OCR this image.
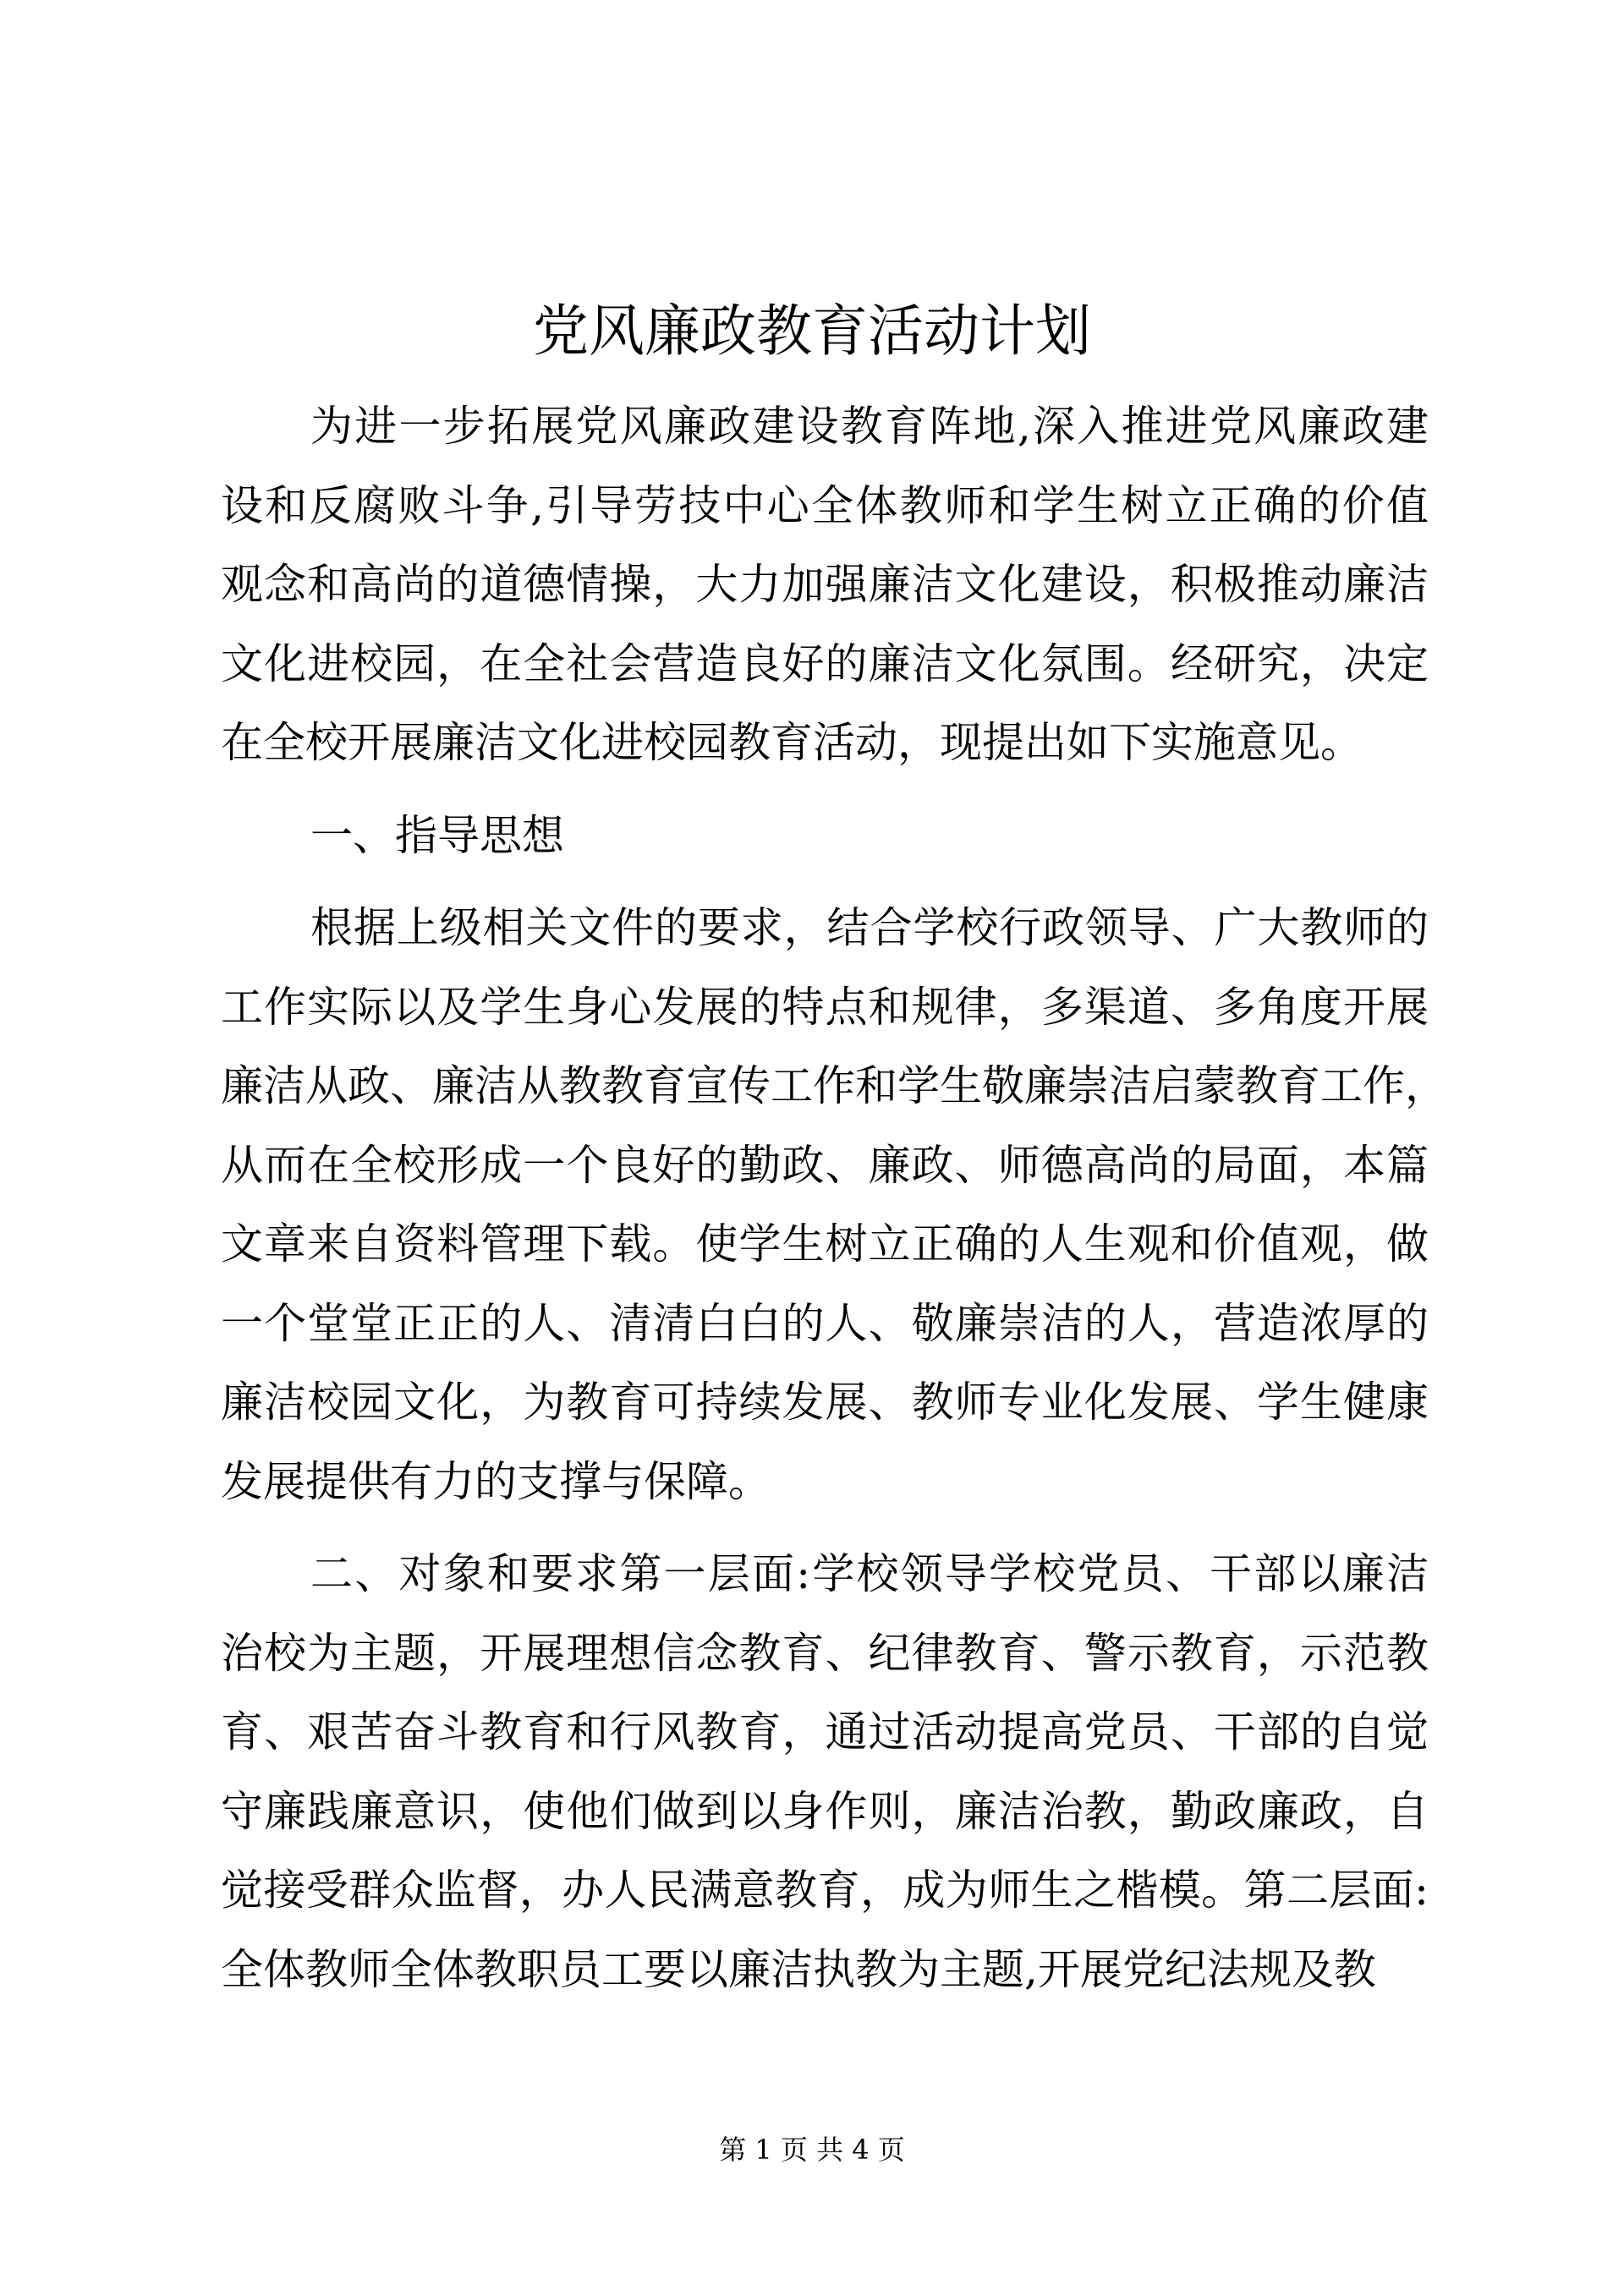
党风廉政教育活动计划
为进一步拓展党风廉政建设教育阵地,深入推进党风廉政建
设和反腐败斗争,引导劳技中心全体教师和学生树立正确的价值
观念和高尚的道德情操，大力加强廉洁文化建设，积极推动廉洁
文化进校园，在全社会营造良好的廉洁文化氛围。经研究，决定
在全校开展廉洁文化进校园教育活动，现提出如下实施意见。
一、指导思想
根据上级相关文件的要求，结合学校行政领导、广大教师的
工作实际以及学生身心发展的特点和规律，多渠道、多角度开展
廉洁从政、廉洁从教教育宣传工作和学生敬廉崇洁启蒙教育工作，
从而在全校形成一个良好的勤政、廉政、师德高尚的局面，本篇
文章来自资料管理下载。使学生树立正确的人生观和价值观，做
一个堂堂正正的人、清清白白的人、敬廉崇洁的人，营造浓厚的
廉洁校园文化，为教育可持续发展、教师专业化发展、学生健康
发展提供有力的支撑与保障。
二、对象和要求第一层面:学校领导学校党员、干部以廉洁
治校为主题，开展理想信念教育、纪律教育、警示教育，示范教
育、艰苦奋斗教育和行风教育，通过活动提高党员、干部的自觉
守廉践廉意识，使他们做到以身作则，廉洁治教，勤政廉政，自
觉接受群众监督，办人民满意教育，成为师生之楷模。第二层面:
全体教师全体教职员工要以廉洁执教为主题,开展党纪法规及教
第 1 页 共 4 页
